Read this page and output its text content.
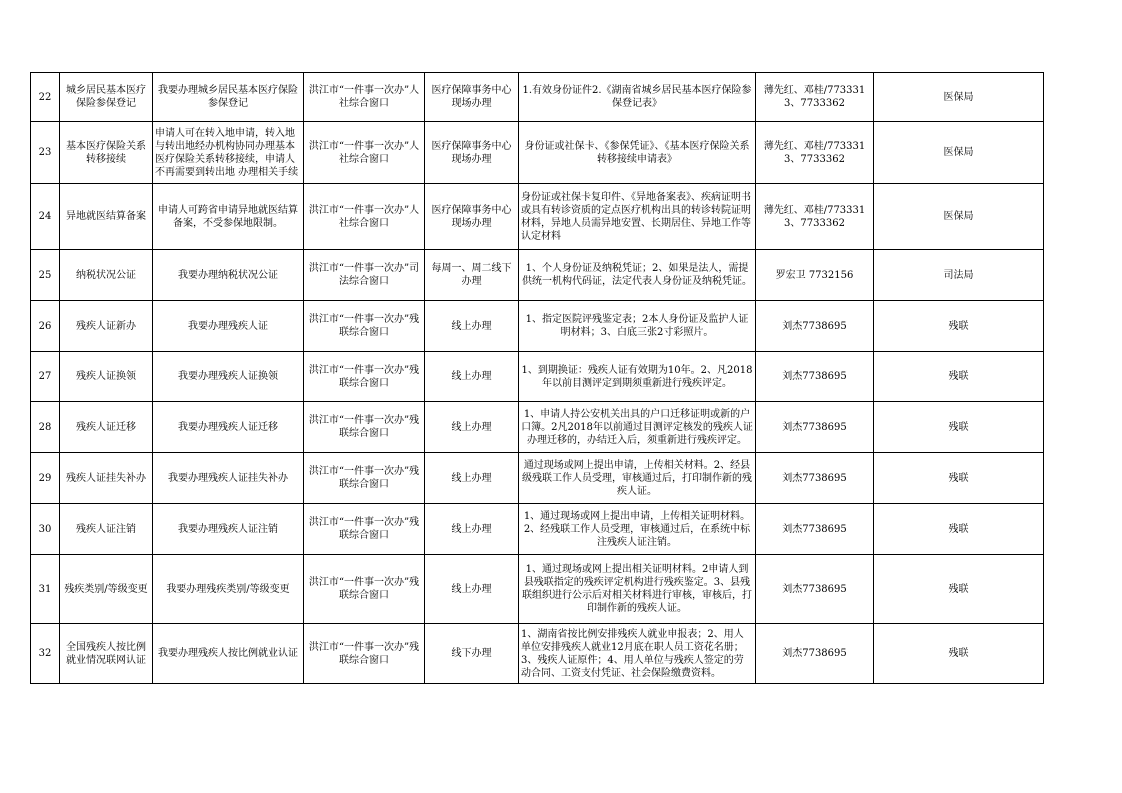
22	城乡居民基本医疗保险参保登记	我要办理城乡居民基本医疗保险参保登记	洪江市“一件事一次办”人社综合窗口	医疗保障事务中心现场办理	1.有效身份证件2.《湖南省城乡居民基本医疗保险参保登记表》	薄先红、邓桂/7733313、7733362	医保局
23	基本医疗保险关系转移接续	申请人可在转入地申请，转入地与转出地经办机构协同办理基本医疗保险关系转移接续，申请人不再需要到转出地 办理相关手续	洪江市“一件事一次办”人社综合窗口	医疗保障事务中心现场办理	身份证或社保卡、《参保凭证》、《基本医疗保险关系转移接续申请表》	薄先红、邓桂/7733313、7733362	医保局
24	异地就医结算备案	申请人可跨省申请异地就医结算备案，不受参保地限制。	洪江市“一件事一次办”人社综合窗口	医疗保障事务中心现场办理	身份证或社保卡复印件、《异地备案表》、疾病证明书或具有转诊资质的定点医疗机构出具的转诊转院证明材料，异地人员需异地安置、长期居住、异地工作等认定材料	薄先红、邓桂/7733313、7733362	医保局
25	纳税状况公证	我要办理纳税状况公证	洪江市“一件事一次办”司法综合窗口	每周一、周二线下办理	1、个人身份证及纳税凭证；2、如果是法人，需提供统一机构代码证，法定代表人身份证及纳税凭证。	罗宏卫 7732156	司法局
26	残疾人证新办	我要办理残疾人证	洪江市“一件事一次办”残联综合窗口	线上办理	1、指定医院评残鉴定表；2本人身份证及监护人证明材料；3、白底三张2寸彩照片。	刘杰7738695	残联
27	残疾人证换领	我要办理残疾人证换领	洪江市“一件事一次办”残联综合窗口	线上办理	1、到期换证：残疾人证有效期为10年。2、凡2018年以前目测评定到期须重新进行残疾评定。	刘杰7738695	残联
28	残疾人证迁移	我要办理残疾人证迁移	洪江市“一件事一次办”残联综合窗口	线上办理	1、申请人持公安机关出具的户口迁移证明或新的户口簿。2凡2018年以前通过目测评定核发的残疾人证办理迁移的，办结迁入后，须重新进行残疾评定。	刘杰7738695	残联
29	残疾人证挂失补办	我要办理残疾人证挂失补办	洪江市“一件事一次办”残联综合窗口	线上办理	通过现场或网上提出申请，上传相关材料。2、经县级残联工作人员受理，审核通过后，打印制作新的残疾人证。	刘杰7738695	残联
30	残疾人证注销	我要办理残疾人证注销	洪江市“一件事一次办”残联综合窗口	线上办理	1、通过现场或网上提出申请，上传相关证明材料。2、经残联工作人员受理，审核通过后，在系统中标注残疾人证注销。	刘杰7738695	残联
31	残疾类别/等级变更	我要办理残疾类别/等级变更	洪江市“一件事一次办”残联综合窗口	线上办理	1、通过现场或网上提出相关证明材料。2申请人到县残联指定的残疾评定机构进行残疾鉴定。3、县残联组织进行公示后对相关材料进行审核，审核后，打印制作新的残疾人证。	刘杰7738695	残联
32	全国残疾人按比例就业情况联网认证	我要办理残疾人按比例就业认证	洪江市“一件事一次办”残联综合窗口	线下办理	1、湖南省按比例安排残疾人就业申报表；2、用人单位安排残疾人就业12月底在职人员工资花名册；3、残疾人证原件；4、用人单位与残疾人签定的劳动合同、工资支付凭证、社会保险缴费资料。	刘杰7738695	残联
